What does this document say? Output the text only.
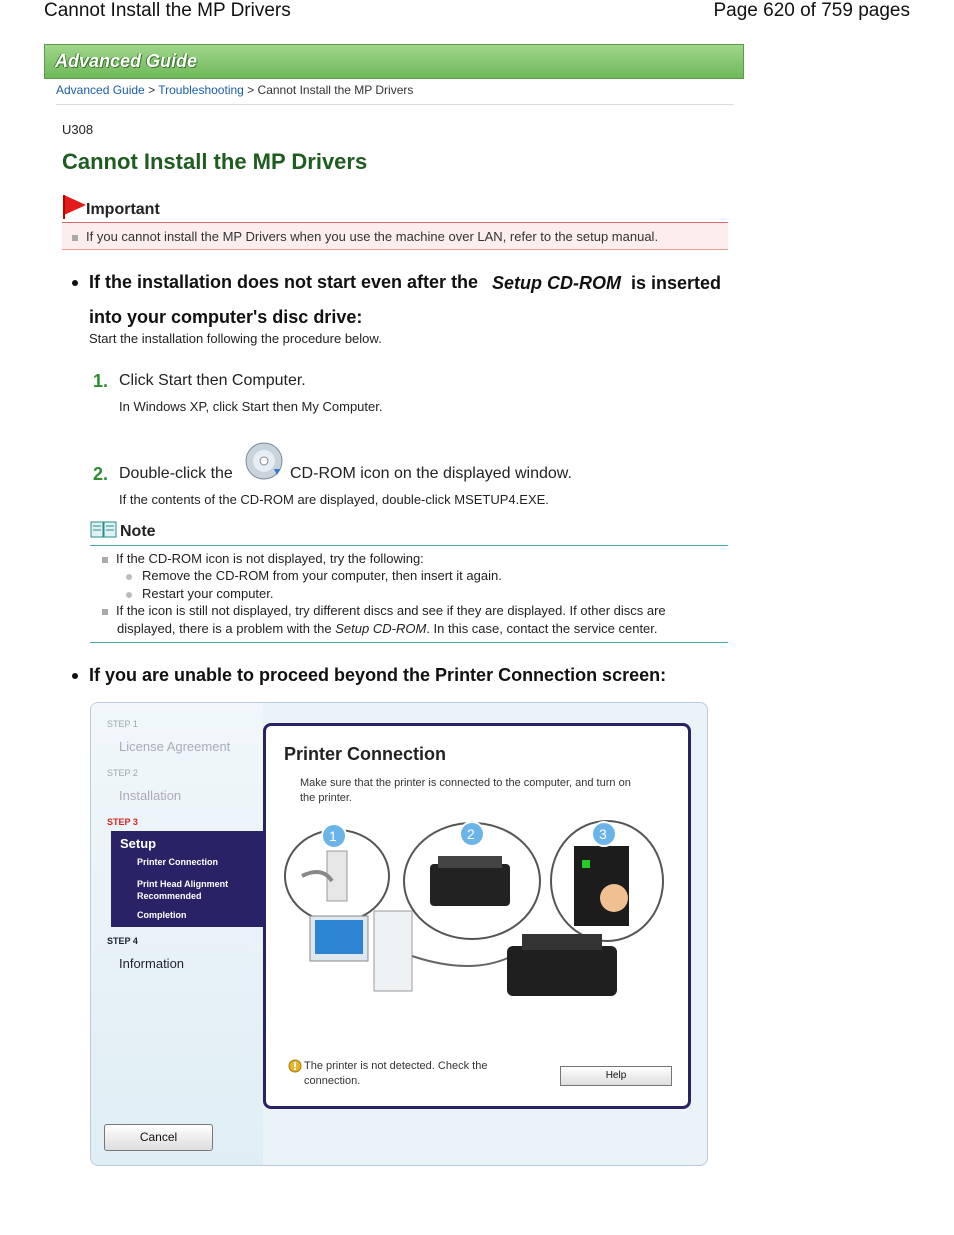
Cannot Install the MP Drivers	Page 620 of 759 pages
Advanced Guide
Advanced Guide > Troubleshooting > Cannot Install the MP Drivers
U308
Cannot Install the MP Drivers
Important
If you cannot install the MP Drivers when you use the machine over LAN, refer to the setup manual.
If the installation does not start even after the Setup CD-ROM is inserted
into your computer's disc drive:
Start the installation following the procedure below.
1. Click Start then Computer.
In Windows XP, click Start then My Computer.
2. Double-click the	CD-ROM icon on the displayed window.
If the contents of the CD-ROM are displayed, double-click MSETUP4.EXE.
Note
If the CD-ROM icon is not displayed, try the following:
Remove the CD-ROM from your computer, then insert it again.
Restart your computer.
If the icon is still not displayed, try different discs and see if they are displayed. If other discs are
displayed, there is a problem with the Setup CD-ROM. In this case, contact the service center.
If you are unable to proceed beyond the Printer Connection screen:
STEP 1
License Agreement
STEP 2
Installation
STEP 3
Setup
Printer Connection
Print Head Alignment
Recommended
Completion
STEP 4
Information
Printer Connection
Make sure that the printer is connected to the computer, and turn on
the printer.
1	2	3
The printer is not detected. Check the
connection.	Help
Cancel
